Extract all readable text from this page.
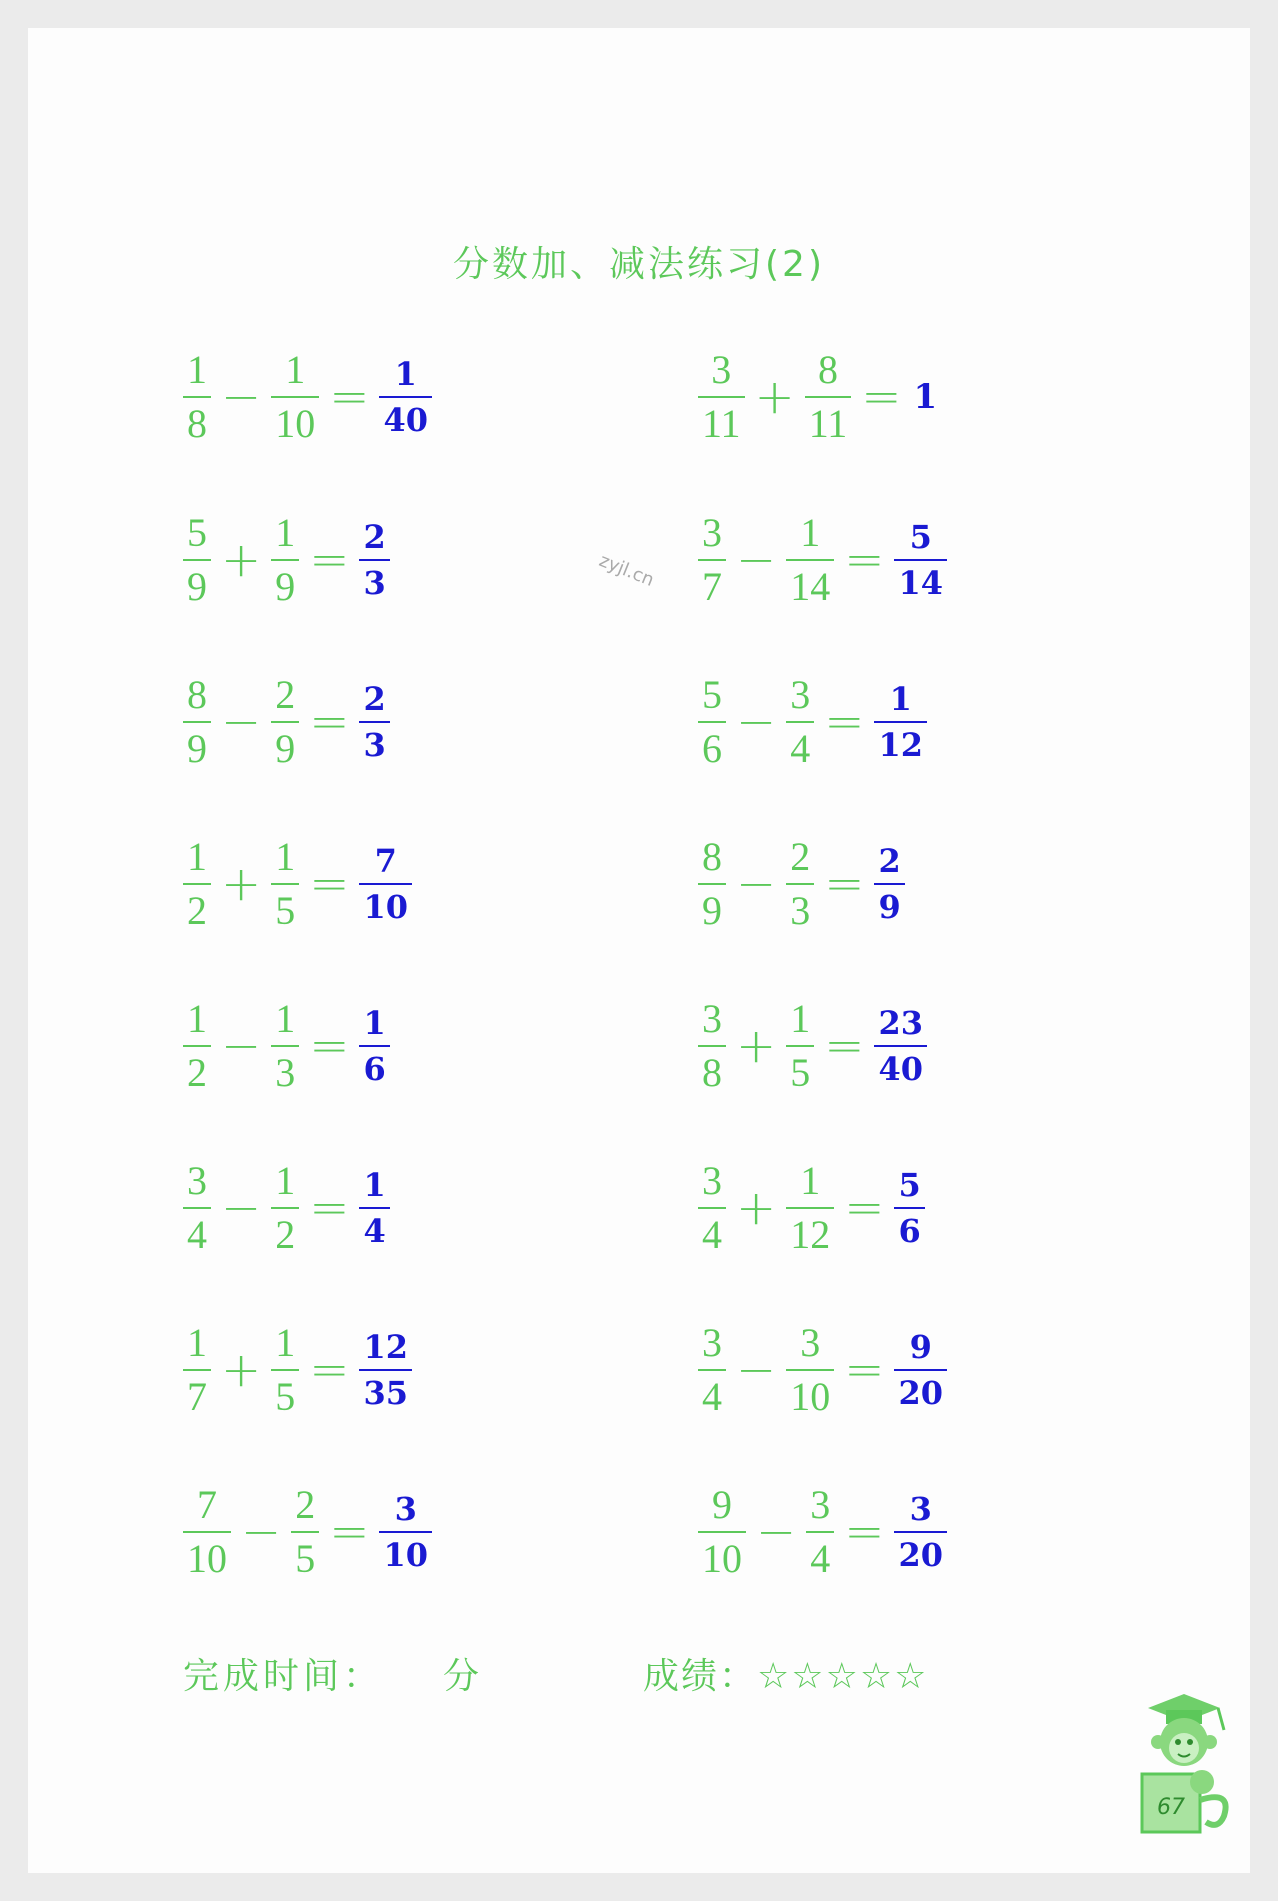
分数加、减法练习(2)
zyjl.cn
$\frac{1}{8} - \frac{1}{10} = \frac{1}{40}$	$\frac{3}{11} + \frac{8}{11} = 1$
$\frac{5}{9} + \frac{1}{9} = \frac{2}{3}$	$\frac{3}{7} - \frac{1}{14} = \frac{5}{14}$
$\frac{8}{9} - \frac{2}{9} = \frac{2}{3}$	$\frac{5}{6} - \frac{3}{4} = \frac{1}{12}$
$\frac{1}{2} + \frac{1}{5} = \frac{7}{10}$	$\frac{8}{9} - \frac{2}{3} = \frac{2}{9}$
$\frac{1}{2} - \frac{1}{3} = \frac{1}{6}$	$\frac{3}{8} + \frac{1}{5} = \frac{23}{40}$
$\frac{3}{4} - \frac{1}{2} = \frac{1}{4}$	$\frac{3}{4} + \frac{1}{12} = \frac{5}{6}$
$\frac{1}{7} + \frac{1}{5} = \frac{12}{35}$	$\frac{3}{4} - \frac{3}{10} = \frac{9}{20}$
$\frac{7}{10} - \frac{2}{5} = \frac{3}{10}$	$\frac{9}{10} - \frac{3}{4} = \frac{3}{20}$
完成时间： 分	成绩：☆☆☆☆☆
67
